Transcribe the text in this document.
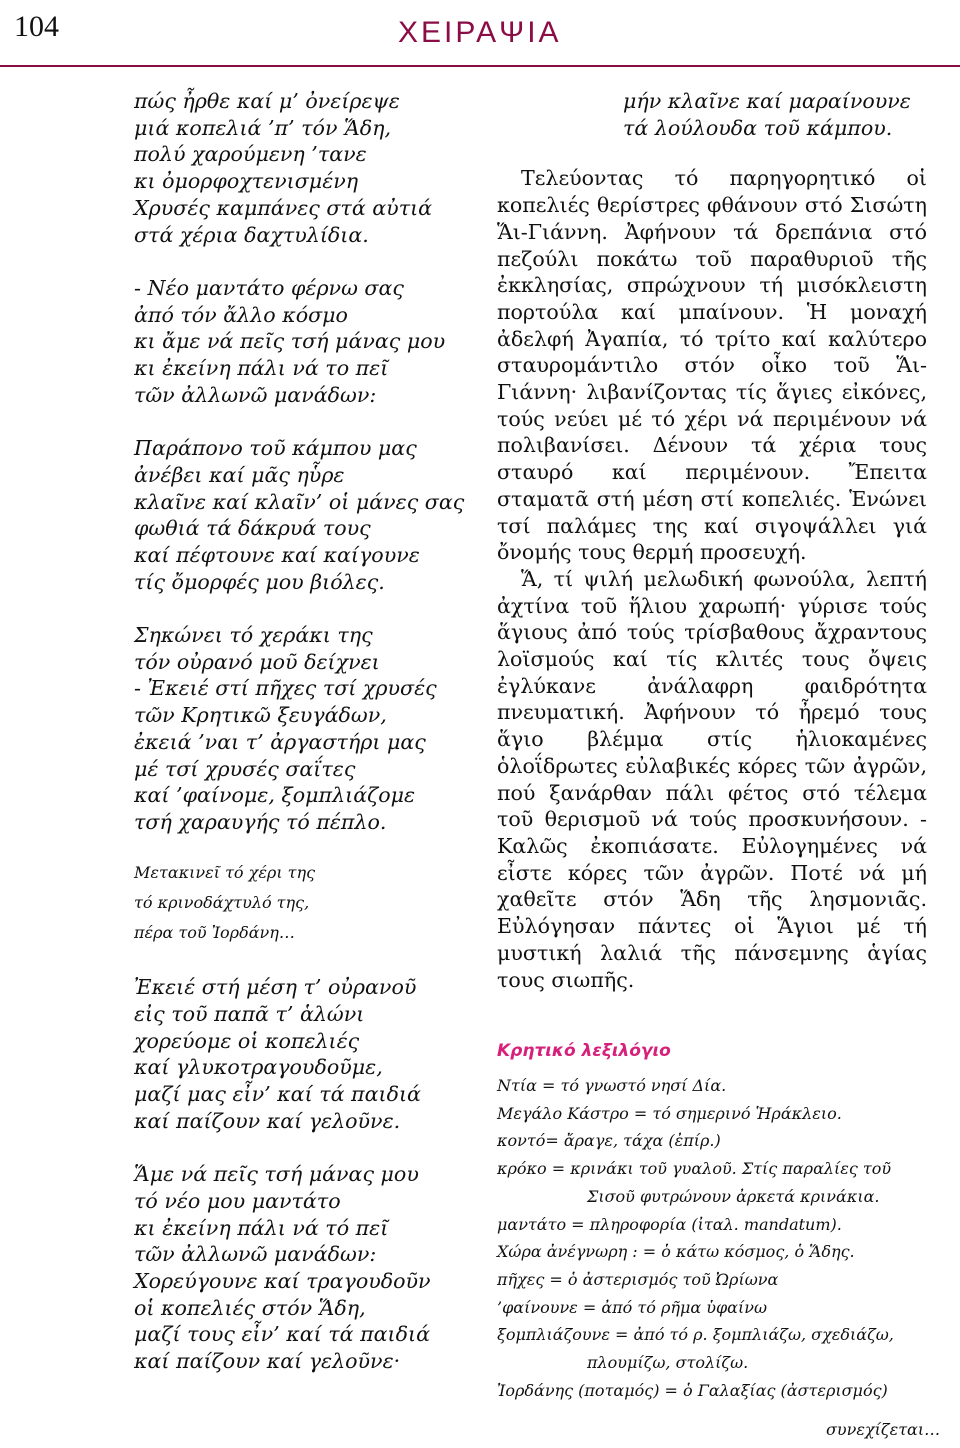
104	ΧΕΙΡΑΨΙΑ
πώς ἦρθε καί μ’ ὀνείρεψε
μιά κοπελιά ’π’ τόν Ἅδη,
πολύ χαρούμενη ’τανε
κι ὀμορφοχτενισμένη
Χρυσές καμπάνες στά αὐτιά
στά χέρια δαχτυλίδια.
- Νέο μαντάτο φέρνω σας
ἀπό τόν ἄλλο κόσμο
κι ἄμε νά πεῖς τσή μάνας μου
κι ἐκείνη πάλι νά το πεῖ
τῶν ἀλλωνῶ μανάδων:
Παράπονο τοῦ κάμπου μας
ἀνέβει καί μᾶς ηὗρε
κλαῖνε καί κλαῖν’ οἱ μάνες σας
φωθιά τά δάκρυά τους
καί πέφτουνε καί καίγουνε
τίς ὄμορφές μου βιόλες.
Σηκώνει τό χεράκι της
τόν οὐρανό μοῦ δείχνει
- Ἐκειέ στί πῆχες τσί χρυσές
τῶν Κρητικῶ ξευγάδων,
ἐκειά ’ναι τ’ ἀργαστήρι μας
μέ τσί χρυσές σαΐτες
καί ’φαίνομε, ξομπλιάζομε
τσή χαραυγής τό πέπλο.
Μετακινεῖ τό χέρι της
τό κρινοδάχτυλό της,
πέρα τοῦ Ἰορδάνη…
Ἐκειέ στή μέση τ’ οὐρανοῦ
εἰς τοῦ παπᾶ τ’ ἁλώνι
χορεύομε οἱ κοπελιές
καί γλυκοτραγουδοῦμε,
μαζί μας εἶν’ καί τά παιδιά
καί παίζουν καί γελοῦνε.
Ἅμε νά πεῖς τσή μάνας μου
τό νέο μου μαντάτο
κι ἐκείνη πάλι νά τό πεῖ
τῶν ἀλλωνῶ μανάδων:
Χορεύγουνε καί τραγουδοῦν
οἱ κοπελιές στόν Ἅδη,
μαζί τους εἶν’ καί τά παιδιά
καί παίζουν καί γελοῦνε·
μήν κλαῖνε καί μαραίνουνε
τά λούλουδα τοῦ κάμπου.

Τελεύοντας τό παρηγορητικό οἱ κοπελιές θερίστρες φθάνουν στό Σισώτη Ἅι-Γιάννη. Ἀφήνουν τά δρεπάνια στό πεζούλι ποκάτω τοῦ παραθυριοῦ τῆς ἐκκλησίας, σπρώχνουν τή μισόκλειστη πορτούλα καί μπαίνουν. Ἡ μοναχή ἀδελφή Ἀγαπία, τό τρίτο καί καλύτερο σταυρομάντιλο στόν οἶκο τοῦ Ἅι-Γιάννη· λιβανίζοντας τίς ἅγιες εἰκόνες, τούς νεύει μέ τό χέρι νά περιμένουν νά πολιβανίσει. Δένουν τά χέρια τους σταυρό καί περιμένουν. Ἔπειτα σταματᾶ στή μέση στί κοπελιές. Ἑνώνει τσί παλάμες της καί σιγοψάλλει γιά ὄνομής τους θερμή προσευχή.

Ἅ, τί ψιλή μελωδική φωνούλα, λεπτή ἀχτίνα τοῦ ἥλιου χαρωπή· γύρισε τούς ἅγιους ἀπό τούς τρίσβαθους ἄχραντους λοϊσμούς καί τίς κλιτές τους ὄψεις ἐγλύκανε ἀνάλαφρη φαιδρότητα πνευματική. Ἀφήνουν τό ἦρεμό τους ἅγιο βλέμμα στίς ἡλιοκαμένες ὁλοΐδρωτες εὐλαβικές κόρες τῶν ἀγρῶν, πού ξανάρθαν πάλι φέτος στό τέλεμα τοῦ θερισμοῦ νά τούς προσκυνήσουν. - Καλῶς ἐκοπιάσατε. Εὐλογημένες νά εἶστε κόρες τῶν ἀγρῶν. Ποτέ νά μή χαθεῖτε στόν Ἅδη τῆς λησμονιᾶς. Εὐλόγησαν πάντες οἱ Ἅγιοι μέ τή μυστική λαλιά τῆς πάνσεμνης ἁγίας τους σιωπῆς.

Κρητικό λεξιλόγιο
Ντία = τό γνωστό νησί Δία.
Μεγάλο Κάστρο = τό σημερινό Ἡράκλειο.
κοντό= ἄραγε, τάχα (ἐπίρ.)
κρόκο = κρινάκι τοῦ γυαλοῦ. Στίς παραλίες τοῦ
Σισοῦ φυτρώνουν ἀρκετά κρινάκια.
μαντάτο = πληροφορία (ἰταλ. mandatum).
Χώρα ἀνέγνωρη : = ὁ κάτω κόσμος, ὁ Ἅδης.
πῆχες = ὁ ἀστερισμός τοῦ Ὠρίωνα
’φαίνουνε = ἀπό τό ρῆμα ὑφαίνω
ξομπλιάζουνε = ἀπό τό ρ. ξομπλιάζω, σχεδιάζω,
πλουμίζω, στολίζω.
Ἰορδάνης (ποταμός) = ὁ Γαλαξίας (ἀστερισμός)
συνεχίζεται…
